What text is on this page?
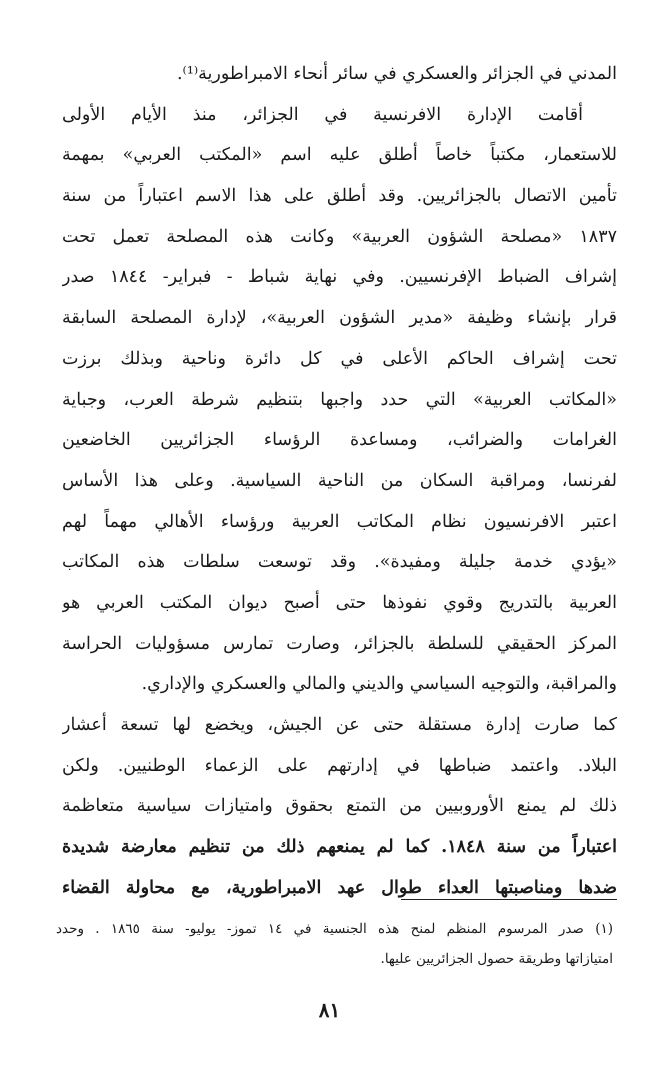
المدني في الجزائر والعسكري في سائر أنحاء الامبراطورية⁽¹⁾.
أقامت الإدارة الافرنسية في الجزائر، منذ الأيام الأولى
للاستعمار، مكتباً خاصاً أطلق عليه اسم «المكتب العربي» بمهمة
تأمين الاتصال بالجزائريين. وقد أطلق على هذا الاسم اعتباراً من سنة
١٨٣٧ «مصلحة الشؤون العربية» وكانت هذه المصلحة تعمل تحت
إشراف الضباط الإفرنسيين. وفي نهاية شباط - فبراير- ١٨٤٤ صدر
قرار بإنشاء وظيفة «مدير الشؤون العربية»، لإدارة المصلحة السابقة
تحت إشراف الحاكم الأعلى في كل دائرة وناحية وبذلك برزت
«المكاتب العربية» التي حدد واجبها بتنظيم شرطة العرب، وجباية
الغرامات والضرائب، ومساعدة الرؤساء الجزائريين الخاضعين
لفرنسا، ومراقبة السكان من الناحية السياسية. وعلى هذا الأساس
اعتبر الافرنسيون نظام المكاتب العربية ورؤساء الأهالي مهماً لهم
«يؤدي خدمة جليلة ومفيدة». وقد توسعت سلطات هذه المكاتب
العربية بالتدريج وقوي نفوذها حتى أصبح ديوان المكتب العربي هو
المركز الحقيقي للسلطة بالجزائر، وصارت تمارس مسؤوليات الحراسة
والمراقبة، والتوجيه السياسي والديني والمالي والعسكري والإداري.
كما صارت إدارة مستقلة حتى عن الجيش، ويخضع لها تسعة أعشار
البلاد. واعتمد ضباطها في إدارتهم على الزعماء الوطنيين. ولكن
ذلك لم يمنع الأوروبيين من التمتع بحقوق وامتيازات سياسية متعاظمة
اعتباراً من سنة ١٨٤٨. كما لم يمنعهم ذلك من تنظيم معارضة شديدة
ضدها ومناصبتها العداء طوال عهد الامبراطورية، مع محاولة القضاء
(١) صدر المرسوم المنظم لمنح هذه الجنسية في ١٤ تموز- يوليو- سنة ١٨٦٥ . وحدد
امتيازاتها وطريقة حصول الجزائريين عليها.
٨١
